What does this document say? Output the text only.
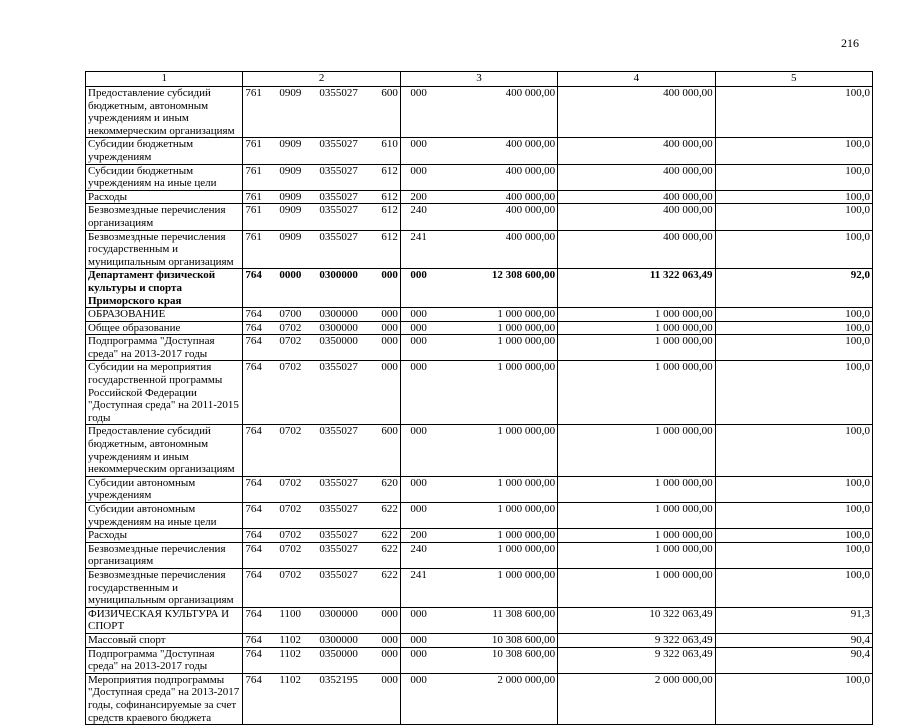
216
1	2	3	4	5
Предоставление субсидий бюджетным, автономным учреждениям и иным некоммерческим организациям	761 0909 0355027 600 000	400 000,00	400 000,00	100,0
Субсидии бюджетным учреждениям	761 0909 0355027 610 000	400 000,00	400 000,00	100,0
Субсидии бюджетным учреждениям на иные цели	761 0909 0355027 612 000	400 000,00	400 000,00	100,0
Расходы	761 0909 0355027 612 200	400 000,00	400 000,00	100,0
Безвозмездные перечисления организациям	761 0909 0355027 612 240	400 000,00	400 000,00	100,0
Безвозмездные перечисления государственным и муниципальным организациям	761 0909 0355027 612 241	400 000,00	400 000,00	100,0
Департамент физической культуры и спорта Приморского края	764 0000 0300000 000 000	12 308 600,00	11 322 063,49	92,0
ОБРАЗОВАНИЕ	764 0700 0300000 000 000	1 000 000,00	1 000 000,00	100,0
Общее образование	764 0702 0300000 000 000	1 000 000,00	1 000 000,00	100,0
Подпрограмма "Доступная среда" на 2013-2017 годы	764 0702 0350000 000 000	1 000 000,00	1 000 000,00	100,0
Субсидии на мероприятия государственной программы Российской Федерации "Доступная среда" на 2011-2015 годы	764 0702 0355027 000 000	1 000 000,00	1 000 000,00	100,0
Предоставление субсидий бюджетным, автономным учреждениям и иным некоммерческим организациям	764 0702 0355027 600 000	1 000 000,00	1 000 000,00	100,0
Субсидии автономным учреждениям	764 0702 0355027 620 000	1 000 000,00	1 000 000,00	100,0
Субсидии автономным учреждениям на иные цели	764 0702 0355027 622 000	1 000 000,00	1 000 000,00	100,0
Расходы	764 0702 0355027 622 200	1 000 000,00	1 000 000,00	100,0
Безвозмездные перечисления организациям	764 0702 0355027 622 240	1 000 000,00	1 000 000,00	100,0
Безвозмездные перечисления государственным и муниципальным организациям	764 0702 0355027 622 241	1 000 000,00	1 000 000,00	100,0
ФИЗИЧЕСКАЯ КУЛЬТУРА И СПОРТ	764 1100 0300000 000 000	11 308 600,00	10 322 063,49	91,3
Массовый спорт	764 1102 0300000 000 000	10 308 600,00	9 322 063,49	90,4
Подпрограмма "Доступная среда" на 2013-2017 годы	764 1102 0350000 000 000	10 308 600,00	9 322 063,49	90,4
Мероприятия подпрограммы "Доступная среда" на 2013-2017 годы, софинансируемые за счет средств краевого бюджета	764 1102 0352195 000 000	2 000 000,00	2 000 000,00	100,0
